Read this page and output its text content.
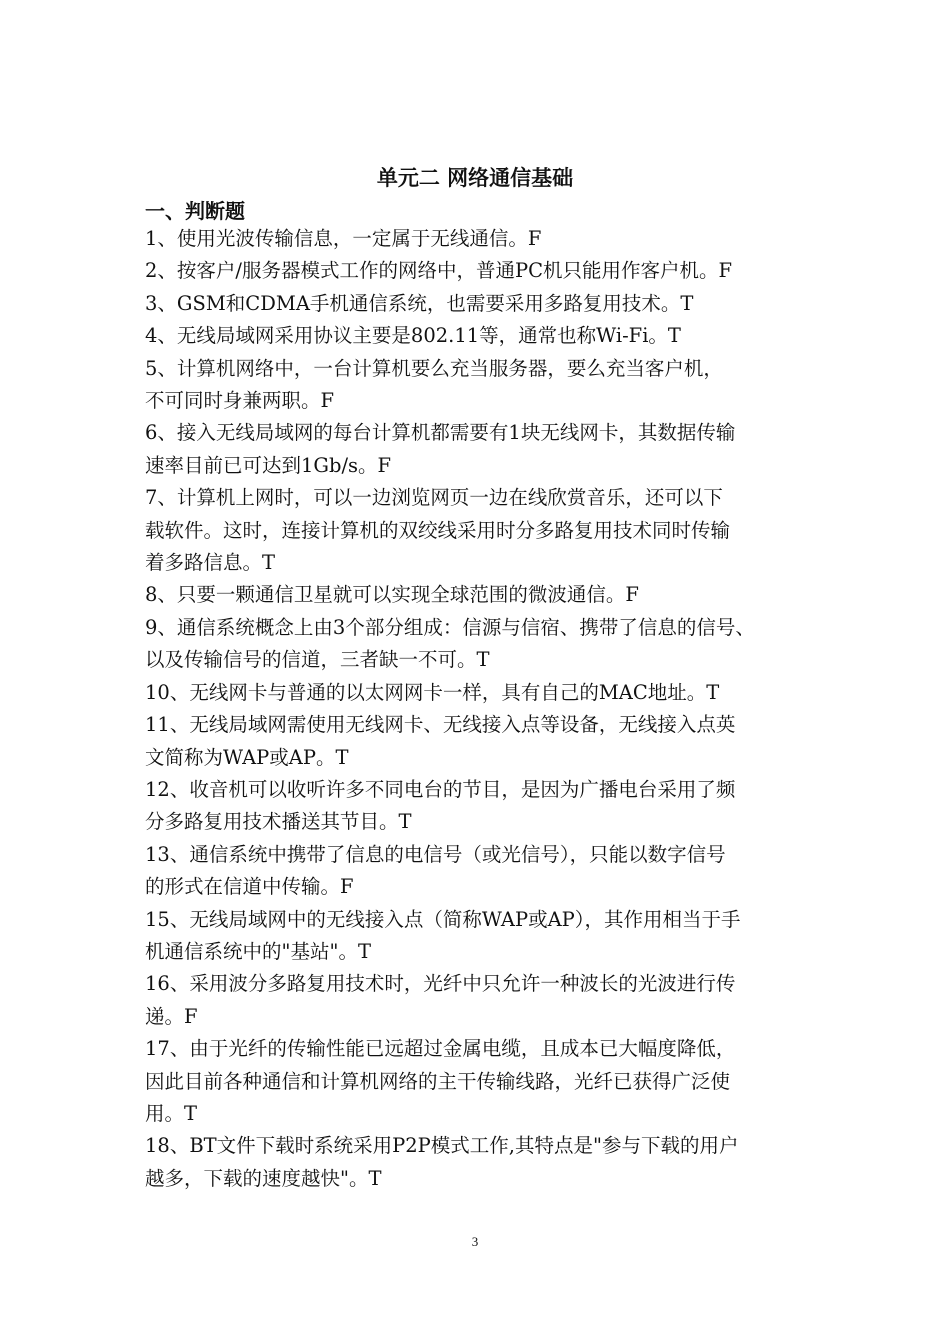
单元二 网络通信基础
一、判断题
1、使用光波传输信息，一定属于无线通信。F
2、按客户/服务器模式工作的网络中，普通PC机只能用作客户机。F
3、GSM和CDMA手机通信系统，也需要采用多路复用技术。T
4、无线局域网采用协议主要是802.11等，通常也称Wi-Fi。T
5、计算机网络中，一台计算机要么充当服务器，要么充当客户机，
不可同时身兼两职。F
6、接入无线局域网的每台计算机都需要有1块无线网卡，其数据传输
速率目前已可达到1Gb/s。F
7、计算机上网时，可以一边浏览网页一边在线欣赏音乐，还可以下
载软件。这时，连接计算机的双绞线采用时分多路复用技术同时传输
着多路信息。T
8、只要一颗通信卫星就可以实现全球范围的微波通信。F
9、通信系统概念上由3个部分组成：信源与信宿、携带了信息的信号、
以及传输信号的信道，三者缺一不可。T
10、无线网卡与普通的以太网网卡一样，具有自己的MAC地址。T
11、无线局域网需使用无线网卡、无线接入点等设备，无线接入点英
文简称为WAP或AP。T
12、收音机可以收听许多不同电台的节目，是因为广播电台采用了频
分多路复用技术播送其节目。T
13、通信系统中携带了信息的电信号（或光信号），只能以数字信号
的形式在信道中传输。F
15、无线局域网中的无线接入点（简称WAP或AP），其作用相当于手
机通信系统中的"基站"。T
16、采用波分多路复用技术时，光纤中只允许一种波长的光波进行传
递。F
17、由于光纤的传输性能已远超过金属电缆，且成本已大幅度降低，
因此目前各种通信和计算机网络的主干传输线路，光纤已获得广泛使
用。T
18、BT文件下载时系统采用P2P模式工作,其特点是"参与下载的用户
越多，下载的速度越快"。T
3
